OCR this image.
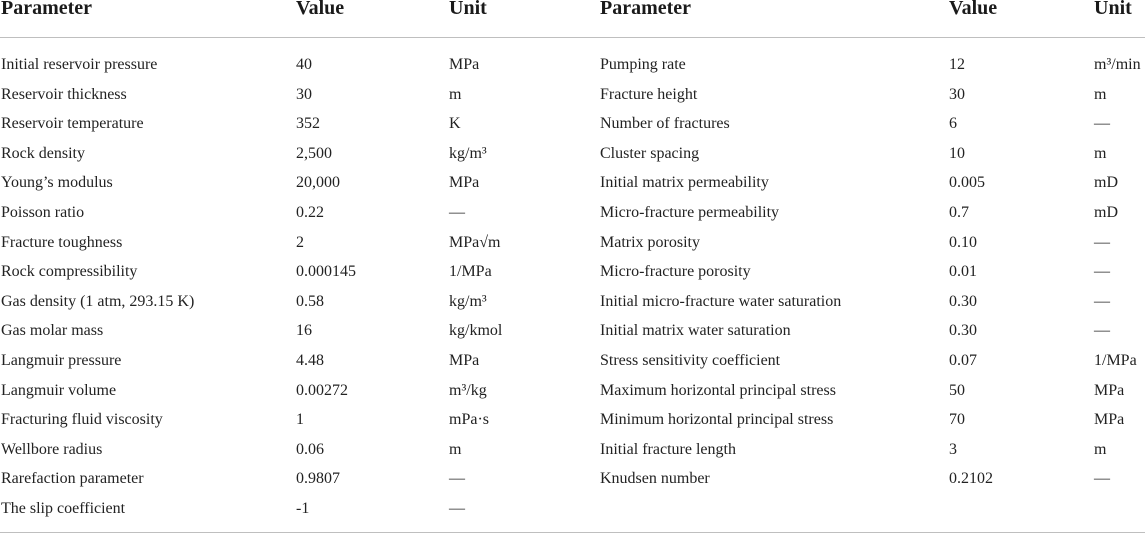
Parameter	Value	Unit	Parameter	Value	Unit
Initial reservoir pressure	40	MPa	Pumping rate	12	m³/min
Reservoir thickness	30	m	Fracture height	30	m
Reservoir temperature	352	K	Number of fractures	6	—
Rock density	2,500	kg/m³	Cluster spacing	10	m
Young’s modulus	20,000	MPa	Initial matrix permeability	0.005	mD
Poisson ratio	0.22	—	Micro-fracture permeability	0.7	mD
Fracture toughness	2	MPa√m	Matrix porosity	0.10	—
Rock compressibility	0.000145	1/MPa	Micro-fracture porosity	0.01	—
Gas density (1 atm, 293.15 K)	0.58	kg/m³	Initial micro-fracture water saturation	0.30	—
Gas molar mass	16	kg/kmol	Initial matrix water saturation	0.30	—
Langmuir pressure	4.48	MPa	Stress sensitivity coefficient	0.07	1/MPa
Langmuir volume	0.00272	m³/kg	Maximum horizontal principal stress	50	MPa
Fracturing fluid viscosity	1	mPa·s	Minimum horizontal principal stress	70	MPa
Wellbore radius	0.06	m	Initial fracture length	3	m
Rarefaction parameter	0.9807	—	Knudsen number	0.2102	—
The slip coefficient	-1	—
